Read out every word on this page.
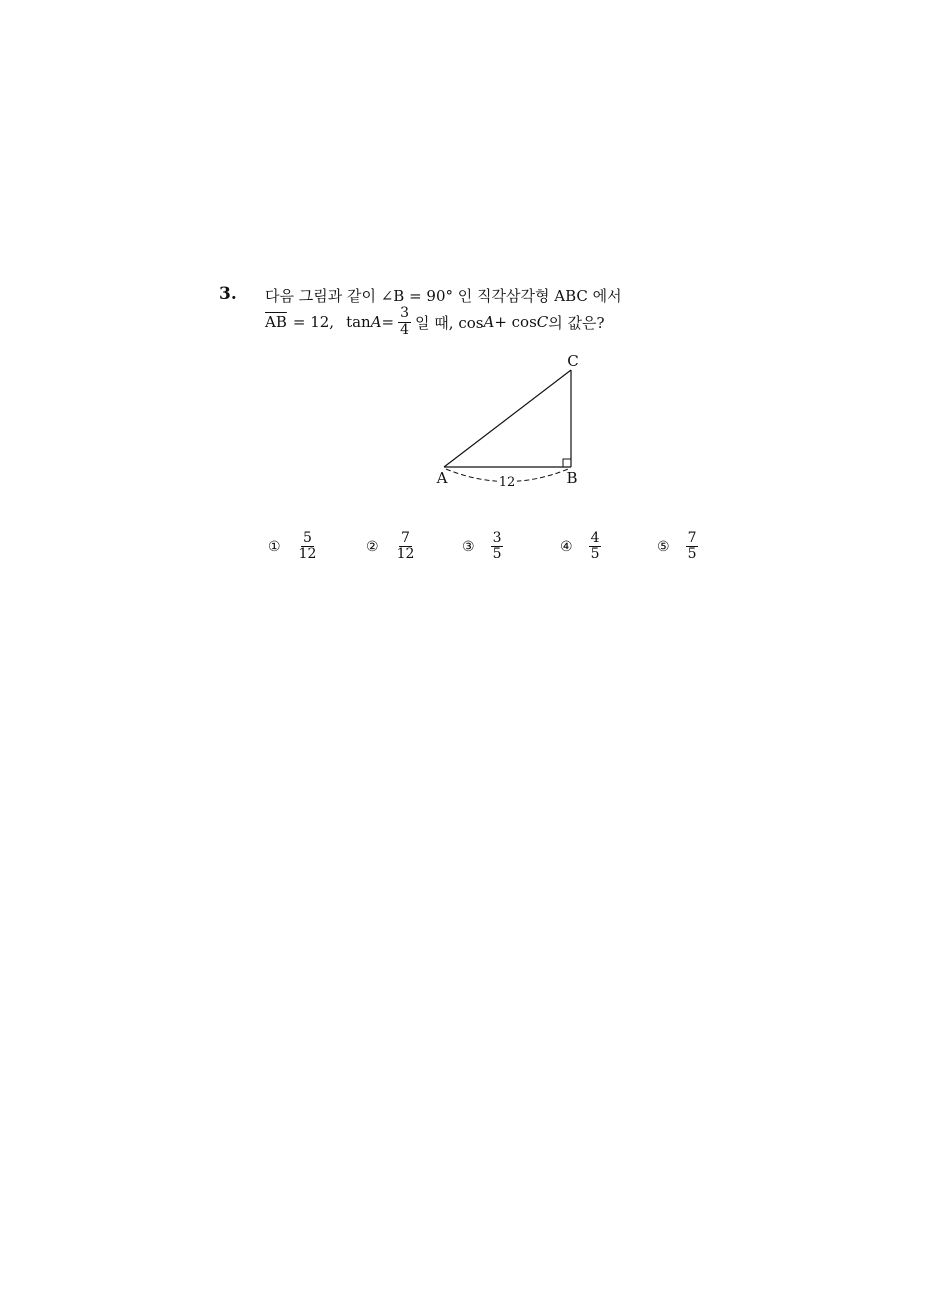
3. 다음 그림과 같이 ∠B = 90° 인 직각삼각형 ABC 에서
$\overline{AB} = 12$, $\tan A = \frac{3}{4}$ 일 때, cos A + cos C 의 값은?
12
A	B
C
① $\frac{5}{12}$	② $\frac{7}{12}$	③ $\frac{3}{5}$	④ $\frac{4}{5}$	⑤ $\frac{7}{5}$
